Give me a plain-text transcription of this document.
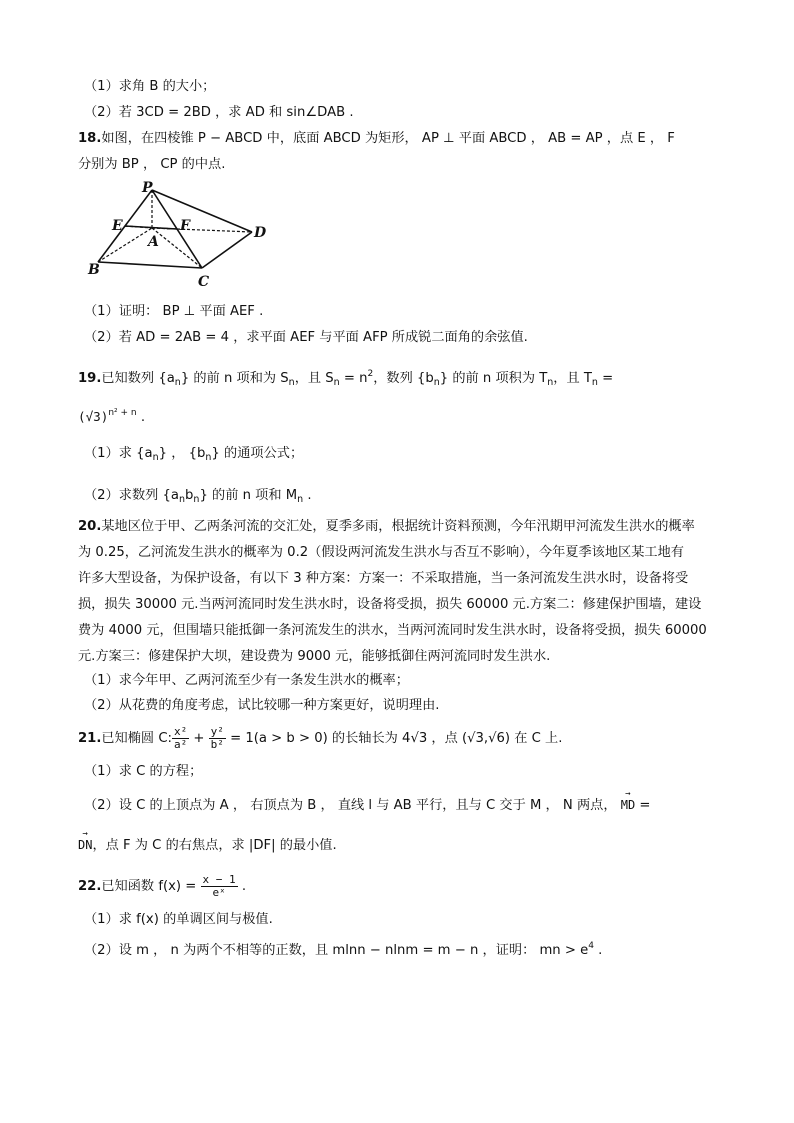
（1）求角 B 的大小；
（2）若 3CD = 2BD ，求 AD 和 sin∠DAB .
18.如图，在四棱锥 P − ABCD 中，底面 ABCD 为矩形， AP ⊥ 平面 ABCD ， AB = AP ，点 E ， F
分别为 BP ， CP 的中点.
P
E	F
A
D
B
C
（1）证明： BP ⊥ 平面 AEF .
（2）若 AD = 2AB = 4 ，求平面 AEF 与平面 AFP 所成锐二面角的余弦值.
19.已知数列 $\{a_n\}$ 的前 n 项和为 $S_n$，且 $S_n = n^2$，数列 $\{b_n\}$ 的前 n 项积为 $T_n$，且 $T_n$ =
$(√3)^{n^2 + n}$ .
（1）求 $\{a_n\}$ ， $\{b_n\}$ 的通项公式；
（2）求数列 $\{a_nb_n\}$ 的前 n 项和 $M_n$ .
20.某地区位于甲、乙两条河流的交汇处，夏季多雨，根据统计资料预测，今年汛期甲河流发生洪水的概率
为 0.25，乙河流发生洪水的概率为 0.2（假设两河流发生洪水与否互不影响），今年夏季该地区某工地有
许多大型设备，为保护设备，有以下 3 种方案：方案一：不采取措施，当一条河流发生洪水时，设备将受
损，损失 30000 元.当两河流同时发生洪水时，设备将受损，损失 60000 元.方案二：修建保护围墙，建设
费为 4000 元，但围墙只能抵御一条河流发生的洪水，当两河流同时发生洪水时，设备将受损，损失 60000
元.方案三：修建保护大坝，建设费为 9000 元，能够抵御住两河流同时发生洪水.
（1）求今年甲、乙两河流至少有一条发生洪水的概率；
（2）从花费的角度考虑，试比较哪一种方案更好，说明理由.
21.已知椭圆 C: $\frac{\text{x²}}{\text{a²}} + \frac{\text{y²}}{\text{b²}} = 1(a > b > 0)$ 的长轴长为 4√3 ，点 (√3,√6) 在 C 上.
（1）求 C 的方程；
（2）设 C 的上顶点为 A ， 右顶点为 B ， 直线 l 与 AB 平行，且与 C 交于 M ， N 两点， → MD =
→ DN，点 F 为 C 的右焦点，求 |DF| 的最小值.
22.已知函数 $f(x) = \frac{x - 1}{\text{eˣ}}$ .
（1）求 f(x) 的单调区间与极值.
（2）设 m ， n 为两个不相等的正数，且 mlnn − nlnm = m − n ，证明： mn > $e^4$ .
